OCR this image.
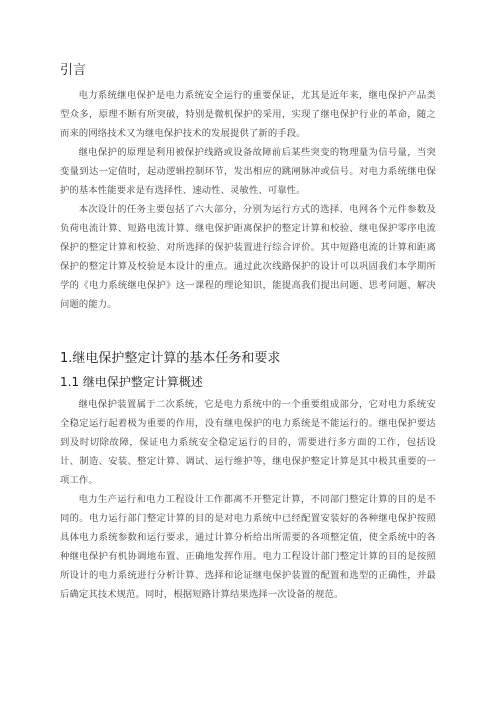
引言

电力系统继电保护是电力系统安全运行的重要保证，尤其是近年来，继电保护产品类型众多，原理不断有所突破，特别是微机保护的采用，实现了继电保护行业的革命，随之而来的网络技术又为继电保护技术的发展提供了新的手段。

继电保护的原理是利用被保护线路或设备故障前后某些突变的物理量为信号量，当突变量到达一定值时，起动逻辑控制环节，发出相应的跳闸脉冲或信号。对电力系统继电保护的基本性能要求是有选择性、速动性、灵敏性、可靠性。

本次设计的任务主要包括了六大部分，分别为运行方式的选择、电网各个元件参数及负荷电流计算、短路电流计算、继电保护距离保护的整定计算和校验、继电保护零序电流保护的整定计算和校验、对所选择的保护装置进行综合评价。其中短路电流的计算和距离保护的整定计算及校验是本设计的重点。通过此次线路保护的设计可以巩固我们本学期所学的《电力系统继电保护》这一课程的理论知识，能提高我们提出问题、思考问题、解决问题的能力。

1.继电保护整定计算的基本任务和要求
1.1 继电保护整定计算概述

继电保护装置属于二次系统，它是电力系统中的一个重要组成部分，它对电力系统安全稳定运行起着极为重要的作用，没有继电保护的电力系统是不能运行的。继电保护要达到及时切除故障，保证电力系统安全稳定运行的目的，需要进行多方面的工作，包括设计、制造、安装、整定计算、调试、运行维护等，继电保护整定计算是其中极其重要的一项工作。

电力生产运行和电力工程设计工作都离不开整定计算，不同部门整定计算的目的是不同的。电力运行部门整定计算的目的是对电力系统中已经配置安装好的各种继电保护按照具体电力系统参数和运行要求，通过计算分析给出所需要的各项整定值，使全系统中的各种继电保护有机协调地布置、正确地发挥作用。电力工程设计部门整定计算的目的是按照所设计的电力系统进行分析计算、选择和论证继电保护装置的配置和选型的正确性，并最后确定其技术规范。同时，根据短路计算结果选择一次设备的规范。
